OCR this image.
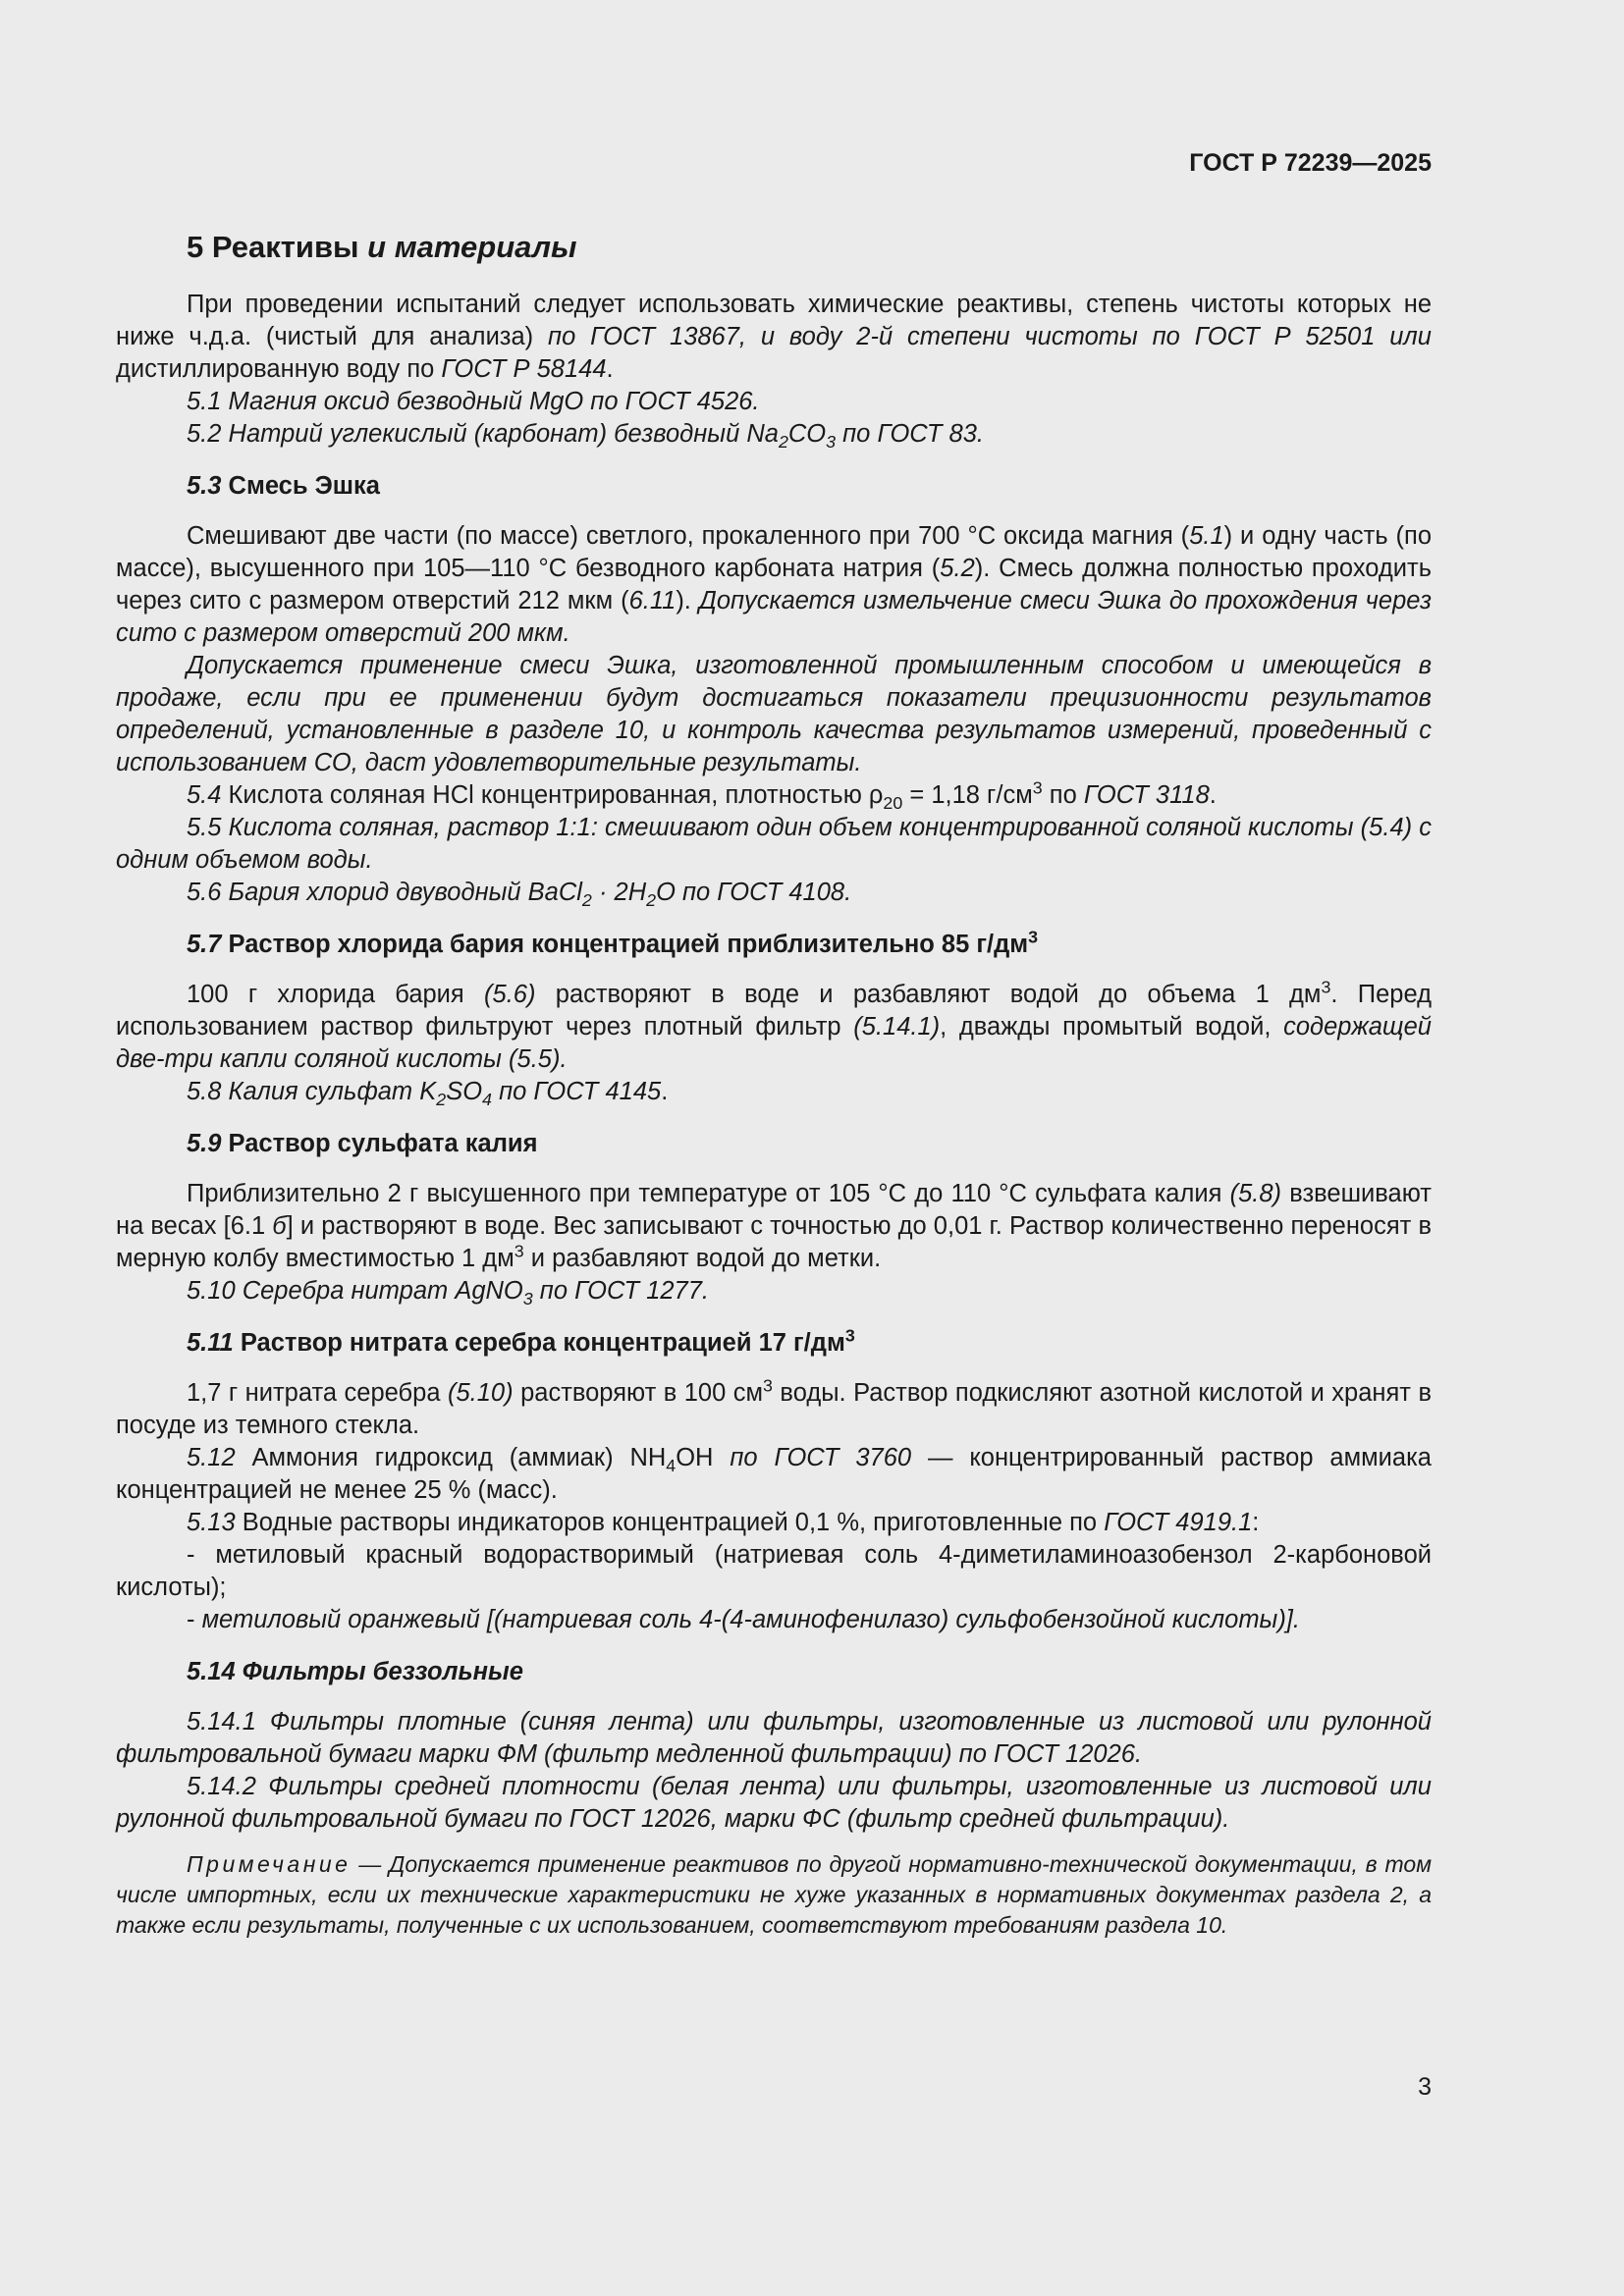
ГОСТ Р 72239—2025
5 Реактивы и материалы

При проведении испытаний следует использовать химические реактивы, степень чистоты которых не ниже ч.д.а. (чистый для анализа) по ГОСТ 13867, и воду 2-й степени чистоты по ГОСТ Р 52501 или дистиллированную воду по ГОСТ Р 58144.

5.1 Магния оксид безводный MgO по ГОСТ 4526.

5.2 Натрий углекислый (карбонат) безводный $Na_2CO_3$ по ГОСТ 83.

5.3 Смесь Эшка

Смешивают две части (по массе) светлого, прокаленного при 700 °С оксида магния (5.1) и одну часть (по массе), высушенного при 105—110 °С безводного карбоната натрия (5.2). Смесь должна полностью проходить через сито с размером отверстий 212 мкм (6.11). Допускается измельчение смеси Эшка до прохождения через сито с размером отверстий 200 мкм.

Допускается применение смеси Эшка, изготовленной промышленным способом и имеющейся в продаже, если при ее применении будут достигаться показатели прецизионности результатов определений, установленные в разделе 10, и контроль качества результатов измерений, проведенный с использованием СО, даст удовлетворительные результаты.

5.4 Кислота соляная HCl концентрированная, плотностью $\rho_{20} = 1,18$ $г/см^3$ по ГОСТ 3118.

5.5 Кислота соляная, раствор 1:1: смешивают один объем концентрированной соляной кислоты (5.4) с одним объемом воды.

5.6 Бария хлорид двуводный BaCl$_2$ · $2H_2O$ по ГОСТ 4108.

5.7 Раствор хлорида бария концентрацией приблизительно 85 $г/дм^3$

100 г хлорида бария (5.6) растворяют в воде и разбавляют водой до объема 1 $дм^3$. Перед использованием раствор фильтруют через плотный фильтр (5.14.1), дважды промытый водой, содержащей две-три капли соляной кислоты (5.5).

5.8 Калия сульфат $K_2SO_4$ по ГОСТ 4145.

5.9 Раствор сульфата калия

Приблизительно 2 г высушенного при температуре от 105 °С до 110 °С сульфата калия (5.8) взвешивают на весах [6.1 б] и растворяют в воде. Вес записывают с точностью до 0,01 г. Раствор количественно переносят в мерную колбу вместимостью 1 $дм^3$ и разбавляют водой до метки.

5.10 Серебра нитрат AgNO$_3$ по ГОСТ 1277.

5.11 Раствор нитрата серебра концентрацией 17 $г/дм^3$

1,7 г нитрата серебра (5.10) растворяют в 100 $см^3$ воды. Раствор подкисляют азотной кислотой и хранят в посуде из темного стекла.

5.12 Аммония гидроксид (аммиак) $NH_4OH$ по ГОСТ 3760 — концентрированный раствор аммиака концентрацией не менее 25 % (масс).

5.13 Водные растворы индикаторов концентрацией 0,1 %, приготовленные по ГОСТ 4919.1:

- метиловый красный водорастворимый (натриевая соль 4-диметиламиноазобензол 2-карбоновой кислоты);

- метиловый оранжевый [(натриевая соль 4-(4-аминофенилазо) сульфобензойной кислоты)].

5.14 Фильтры беззольные

5.14.1 Фильтры плотные (синяя лента) или фильтры, изготовленные из листовой или рулонной фильтровальной бумаги марки ФМ (фильтр медленной фильтрации) по ГОСТ 12026.

5.14.2 Фильтры средней плотности (белая лента) или фильтры, изготовленные из листовой или рулонной фильтровальной бумаги по ГОСТ 12026, марки ФС (фильтр средней фильтрации).

Примечание — Допускается применение реактивов по другой нормативно-технической документации, в том числе импортных, если их технические характеристики не хуже указанных в нормативных документах раздела 2, а также если результаты, полученные с их использованием, соответствуют требованиям раздела 10.

3
